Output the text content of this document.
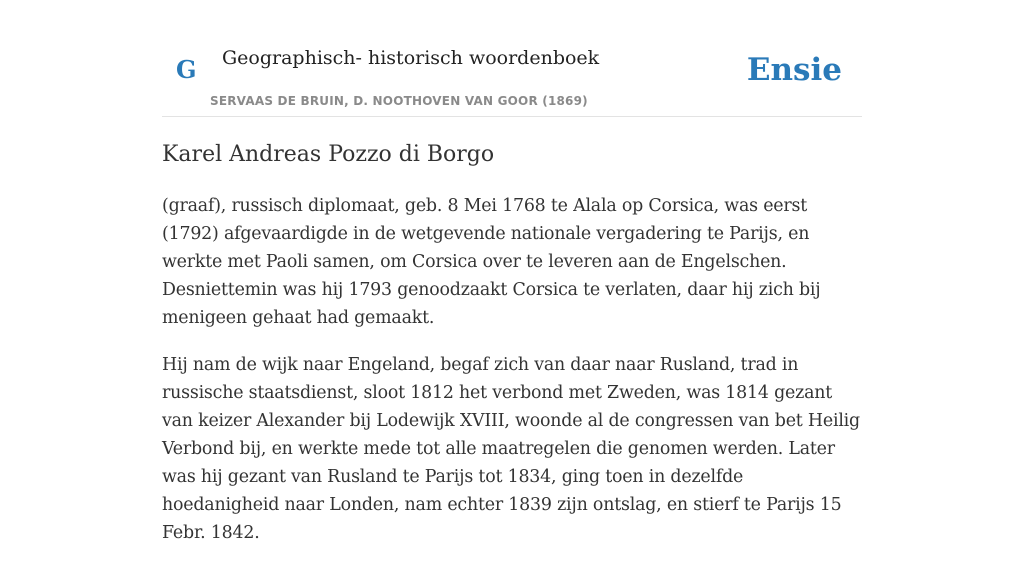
G Geographisch- historisch woordenboek
SERVAAS DE BRUIN, D. NOOTHOVEN VAN GOOR (1869)
Ensie
Karel Andreas Pozzo di Borgo

(graaf), russisch diplomaat, geb. 8 Mei 1768 te Alala op Corsica, was eerst (1792) afgevaardigde in de wetgevende nationale vergadering te Parijs, en werkte met Paoli samen, om Corsica over te leveren aan de Engelschen. Desniettemin was hij 1793 genoodzaakt Corsica te verlaten, daar hij zich bij menigeen gehaat had gemaakt.

Hij nam de wijk naar Engeland, begaf zich van daar naar Rusland, trad in russische staatsdienst, sloot 1812 het verbond met Zweden, was 1814 gezant van keizer Alexander bij Lodewijk XVIII, woonde al de congressen van bet Heilig Verbond bij, en werkte mede tot alle maatregelen die genomen werden. Later was hij gezant van Rusland te Parijs tot 1834, ging toen in dezelfde hoedanigheid naar Londen, nam echter 1839 zijn ontslag, en stierf te Parijs 15 Febr. 1842.
